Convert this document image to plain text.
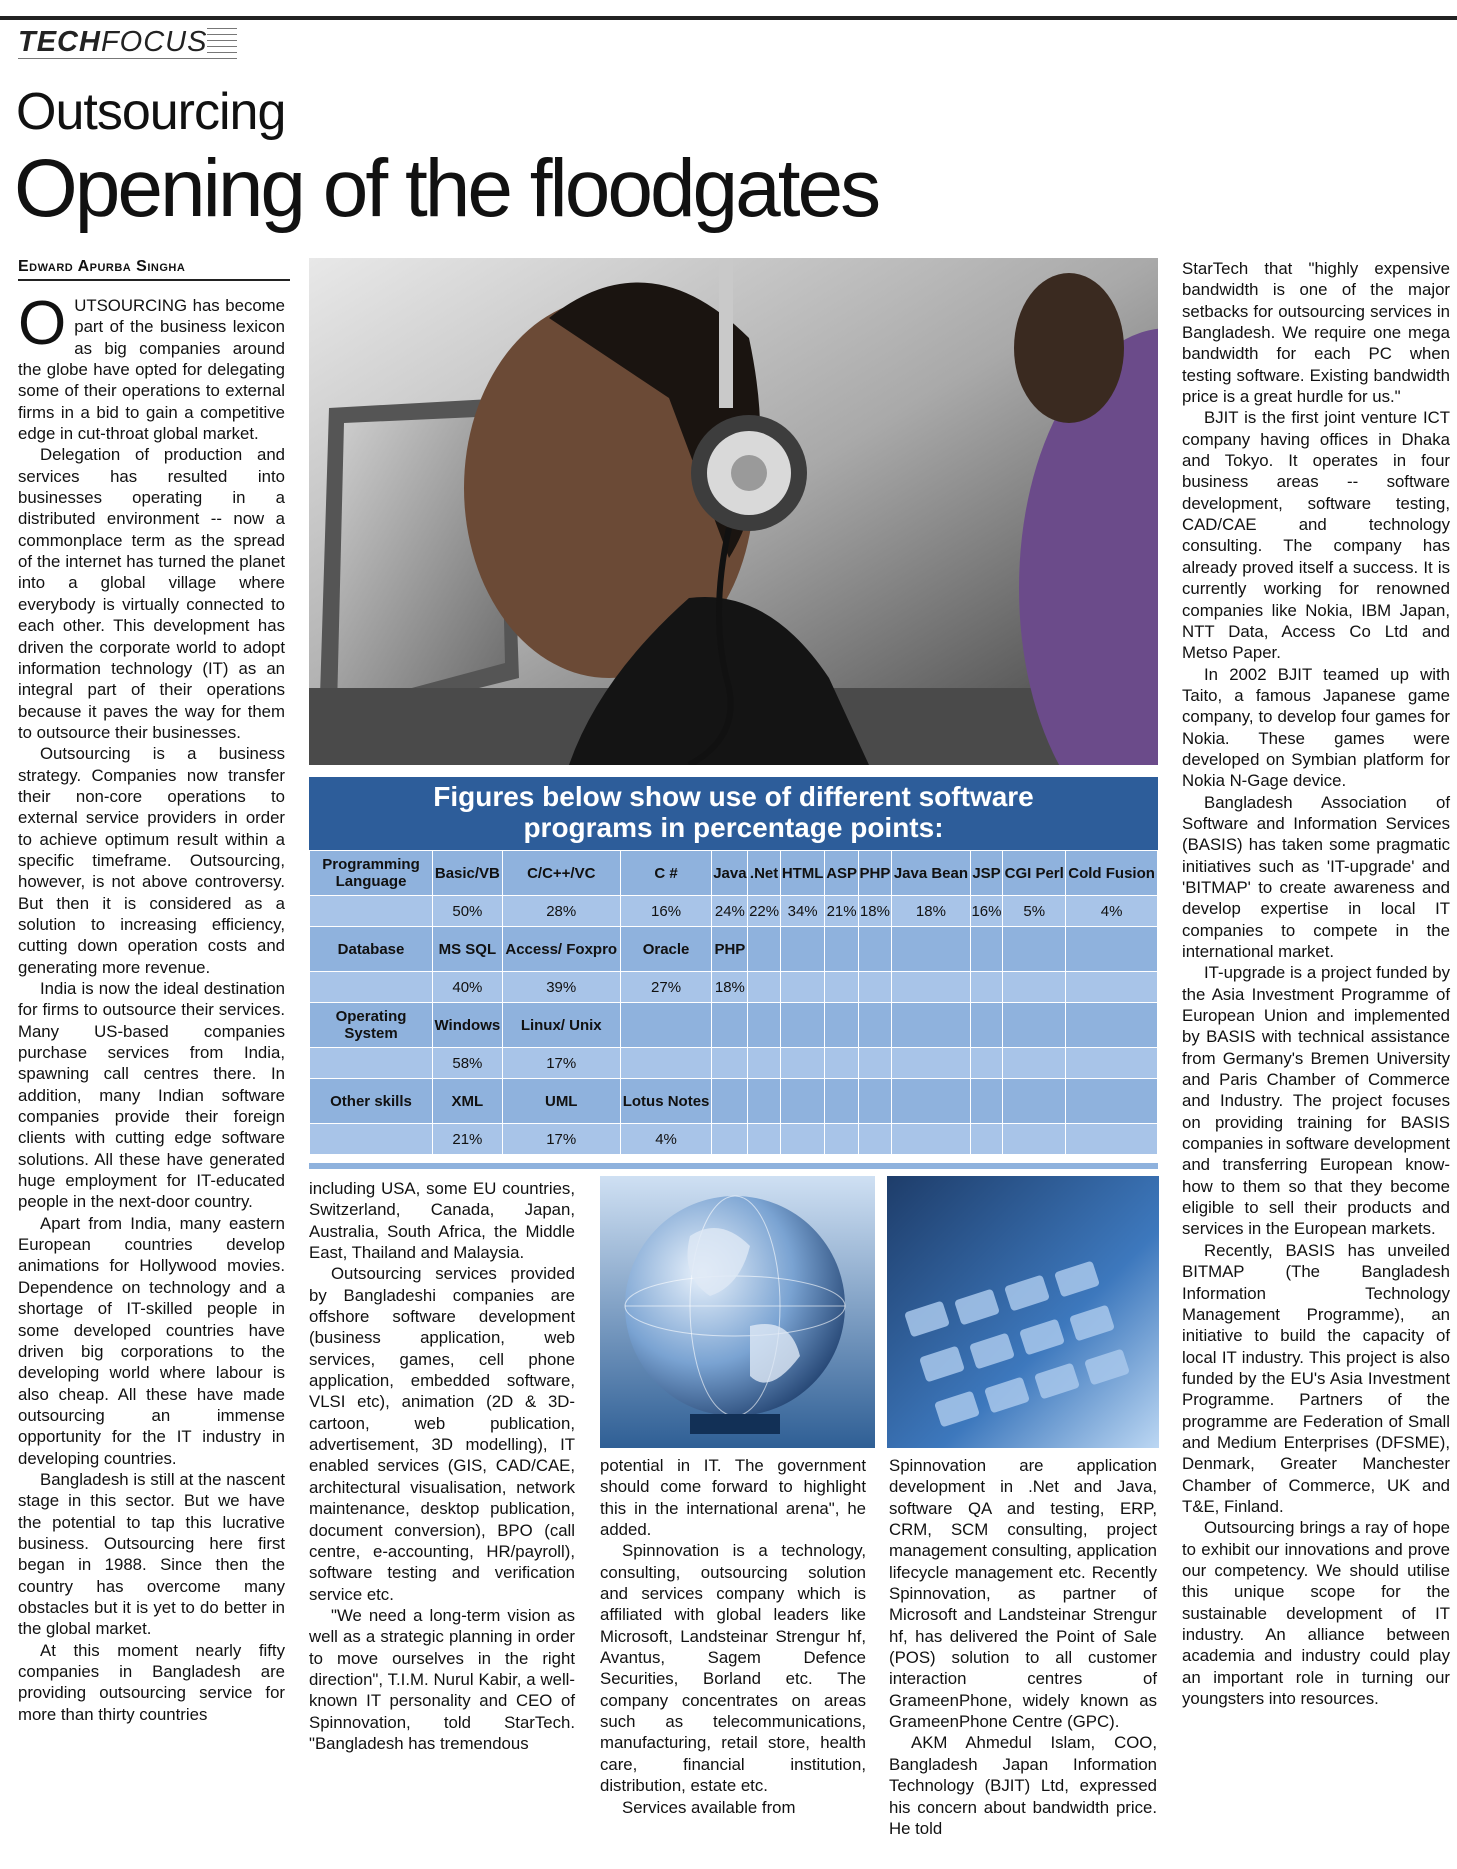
TECHFOCUS
Outsourcing
Opening of the floodgates
Edward Apurba Singha

OUTSOURCING has become part of the business lexicon as big companies around the globe have opted for delegating some of their operations to external firms in a bid to gain a competitive edge in cut-throat global market.

Delegation of production and services has resulted into businesses operating in a distributed environment -- now a commonplace term as the spread of the internet has turned the planet into a global village where everybody is virtually connected to each other. This development has driven the corporate world to adopt information technology (IT) as an integral part of their operations because it paves the way for them to outsource their businesses.

Outsourcing is a business strategy. Companies now transfer their non-core operations to external service providers in order to achieve optimum result within a specific timeframe. Outsourcing, however, is not above controversy. But then it is considered as a solution to increasing efficiency, cutting down operation costs and generating more revenue.

India is now the ideal destination for firms to outsource their services. Many US-based companies purchase services from India, spawning call centres there. In addition, many Indian software companies provide their foreign clients with cutting edge software solutions. All these have generated huge employment for IT-educated people in the next-door country.

Apart from India, many eastern European countries develop animations for Hollywood movies. Dependence on technology and a shortage of IT-skilled people in some developed countries have driven big corporations to the developing world where labour is also cheap. All these have made outsourcing an immense opportunity for the IT industry in developing countries.

Bangladesh is still at the nascent stage in this sector. But we have the potential to tap this lucrative business. Outsourcing here first began in 1988. Since then the country has overcome many obstacles but it is yet to do better in the global market.

At this moment nearly fifty companies in Bangladesh are providing outsourcing service for more than thirty countries

Figures below show use of different software
programs in percentage points:
Programming Language	Basic/VB	C/C++/VC	C #	Java	.Net	HTML	ASP	PHP	Java Bean	JSP	CGI Perl	Cold Fusion
	50%	28%	16%	24%	22%	34%	21%	18%	18%	16%	5%	4%
Database	MS SQL	Access/ Foxpro	Oracle	PHP								
	40%	39%	27%	18%								
Operating System	Windows	Linux/ Unix										
	58%	17%										
Other skills	XML	UML	Lotus Notes									
	21%	17%	4%									

including USA, some EU countries, Switzerland, Canada, Japan, Australia, South Africa, the Middle East, Thailand and Malaysia.

Outsourcing services provided by Bangladeshi companies are offshore software development (business application, web services, games, cell phone application, embedded software, VLSI etc), animation (2D & 3D-cartoon, web publication, advertisement, 3D modelling), IT enabled services (GIS, CAD/CAE, architectural visualisation, network maintenance, desktop publication, document conversion), BPO (call centre, e-accounting, HR/payroll), software testing and verification service etc.

"We need a long-term vision as well as a strategic planning in order to move ourselves in the right direction", T.I.M. Nurul Kabir, a well-known IT personality and CEO of Spinnovation, told StarTech. "Bangladesh has tremendous

potential in IT. The government should come forward to highlight this in the international arena", he added.

Spinnovation is a technology, consulting, outsourcing solution and services company which is affiliated with global leaders like Microsoft, Landsteinar Strengur hf, Avantus, Sagem Defence Securities, Borland etc. The company concentrates on areas such as telecommunications, manufacturing, retail store, health care, financial institution, distribution, estate etc.

Services available from

Spinnovation are application development in .Net and Java, software QA and testing, ERP, CRM, SCM consulting, project management consulting, application lifecycle management etc. Recently Spinnovation, as partner of Microsoft and Landsteinar Strengur hf, has delivered the Point of Sale (POS) solution to all customer interaction centres of GrameenPhone, widely known as GrameenPhone Centre (GPC).

AKM Ahmedul Islam, COO, Bangladesh Japan Information Technology (BJIT) Ltd, expressed his concern about bandwidth price. He told

StarTech that "highly expensive bandwidth is one of the major setbacks for outsourcing services in Bangladesh. We require one mega bandwidth for each PC when testing software. Existing bandwidth price is a great hurdle for us."

BJIT is the first joint venture ICT company having offices in Dhaka and Tokyo. It operates in four business areas -- software development, software testing, CAD/CAE and technology consulting. The company has already proved itself a success. It is currently working for renowned companies like Nokia, IBM Japan, NTT Data, Access Co Ltd and Metso Paper.

In 2002 BJIT teamed up with Taito, a famous Japanese game company, to develop four games for Nokia. These games were developed on Symbian platform for Nokia N-Gage device.

Bangladesh Association of Software and Information Services (BASIS) has taken some pragmatic initiatives such as 'IT-upgrade' and 'BITMAP' to create awareness and develop expertise in local IT companies to compete in the international market.

IT-upgrade is a project funded by the Asia Investment Programme of European Union and implemented by BASIS with technical assistance from Germany's Bremen University and Paris Chamber of Commerce and Industry. The project focuses on providing training for BASIS companies in software development and transferring European know-how to them so that they become eligible to sell their products and services in the European markets.

Recently, BASIS has unveiled BITMAP (The Bangladesh Information Technology Management Programme), an initiative to build the capacity of local IT industry. This project is also funded by the EU's Asia Investment Programme. Partners of the programme are Federation of Small and Medium Enterprises (DFSME), Denmark, Greater Manchester Chamber of Commerce, UK and T&E, Finland.

Outsourcing brings a ray of hope to exhibit our innovations and prove our competency. We should utilise this unique scope for the sustainable development of IT industry. An alliance between academia and industry could play an important role in turning our youngsters into resources.
